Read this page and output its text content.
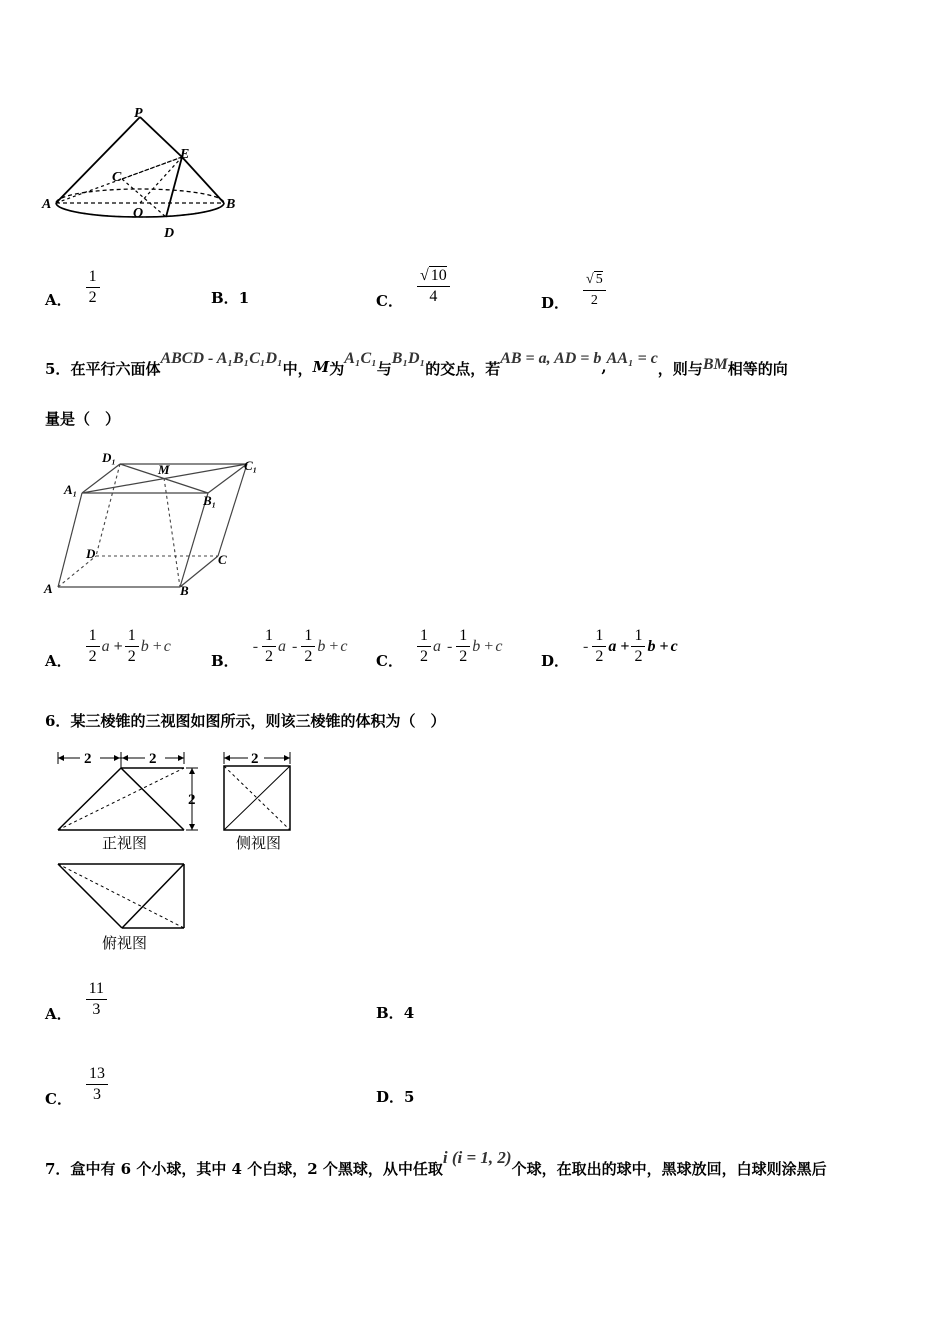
P
E
C
A
O
B
D
A． $\frac{1}{2}$	B．1	C． $\frac{√ 10}{4}$	D． $\frac{√ 5}{2}$
5． 在平行六面体
ABCD - A₁B₁C₁D₁
中， M 为
A₁C₁
与
B₁D₁
的交点，若
AB = a, AD = b , AA₁ = c
，则与 BM 相等的向
量是（　）
D₁
M	C₁
A₁
B₁
D	C
A	B
A． $\frac{1}{2}$ $a + \frac{1}{2}$ b + c
B．
- $\frac{1}{2}$ a - $\frac{1}{2}$ b + c
C． $\frac{1}{2}$ a - $\frac{1}{2}$ b + c
D．
- $\frac{1}{2}$ $a + \frac{1}{2}$ b + c
6．某三棱锥的三视图如图所示，则该三棱锥的体积为（　）
2	2
2
正视图
2
侧视图
俯视图
A． $\frac{11}{3}$	B．4
C． $\frac{13}{3}$	D．5
7． 盒中有 6 个小球，其中 4 个白球，2 个黑球，从中任取
i (i = 1, 2)
个球，在取出的球中，黑球放回，白球则涂黑后
